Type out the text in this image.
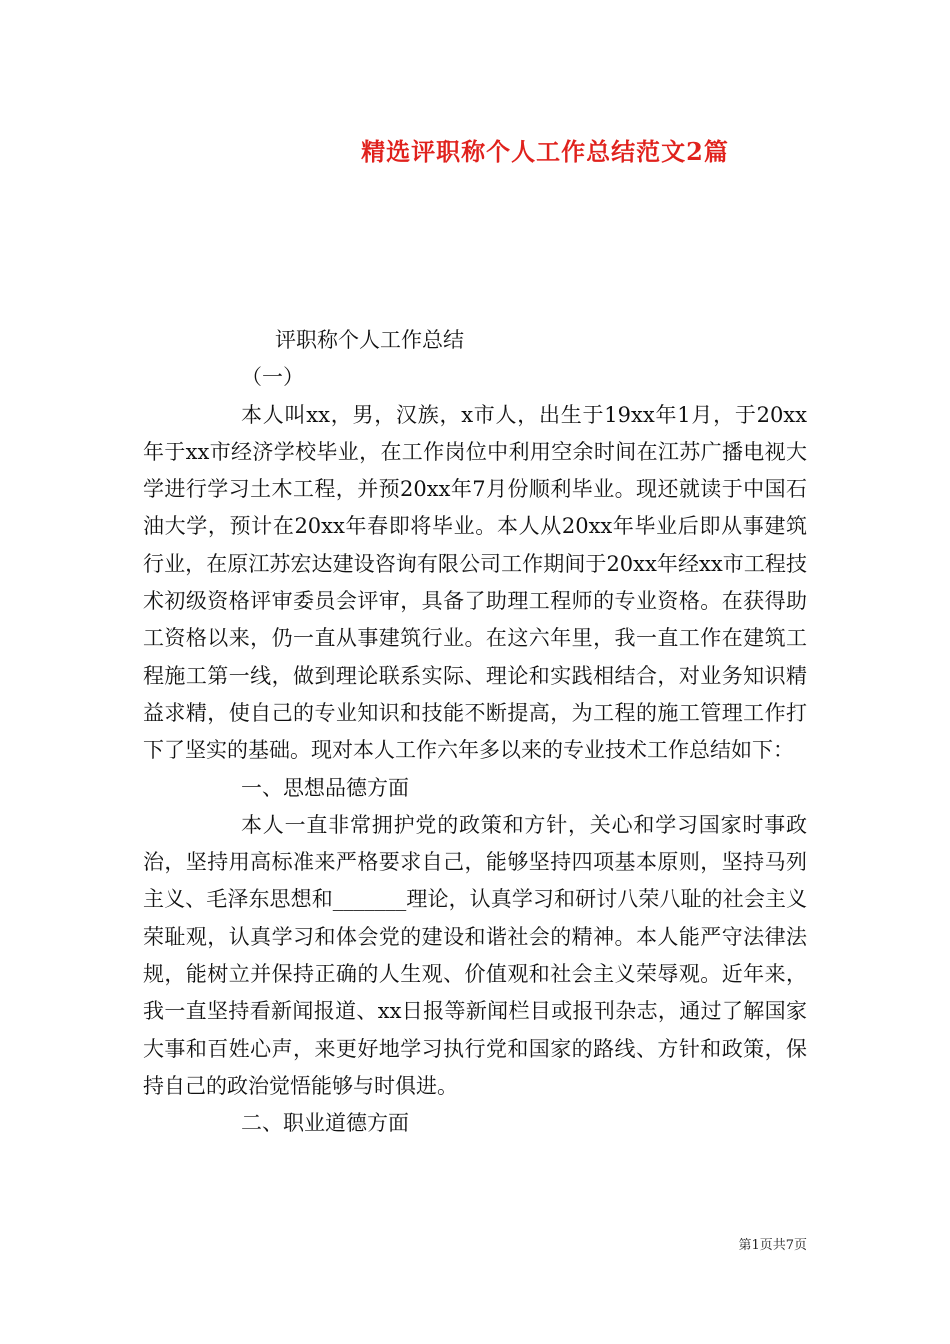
精选评职称个人工作总结范文2篇

评职称个人工作总结

（一）

本人叫xx，男，汉族，x市人，出生于19xx年1月，于20xx年于xx市经济学校毕业，在工作岗位中利用空余时间在江苏广播电视大学进行学习土木工程，并预20xx年7月份顺利毕业。现还就读于中国石油大学，预计在20xx年春即将毕业。本人从20xx年毕业后即从事建筑行业，在原江苏宏达建设咨询有限公司工作期间于20xx年经xx市工程技术初级资格评审委员会评审，具备了助理工程师的专业资格。在获得助工资格以来，仍一直从事建筑行业。在这六年里，我一直工作在建筑工程施工第一线，做到理论联系实际、理论和实践相结合，对业务知识精益求精，使自己的专业知识和技能不断提高，为工程的施工管理工作打下了坚实的基础。现对本人工作六年多以来的专业技术工作总结如下：

一、思想品德方面

本人一直非常拥护党的政策和方针，关心和学习国家时事政治，坚持用高标准来严格要求自己，能够坚持四项基本原则，坚持马列主义、毛泽东思想和_______理论，认真学习和研讨八荣八耻的社会主义荣耻观，认真学习和体会党的建设和谐社会的精神。本人能严守法律法规，能树立并保持正确的人生观、价值观和社会主义荣辱观。近年来，我一直坚持看新闻报道、xx日报等新闻栏目或报刊杂志，通过了解国家大事和百姓心声，来更好地学习执行党和国家的路线、方针和政策，保持自己的政治觉悟能够与时俱进。

二、职业道德方面

第1页共7页
